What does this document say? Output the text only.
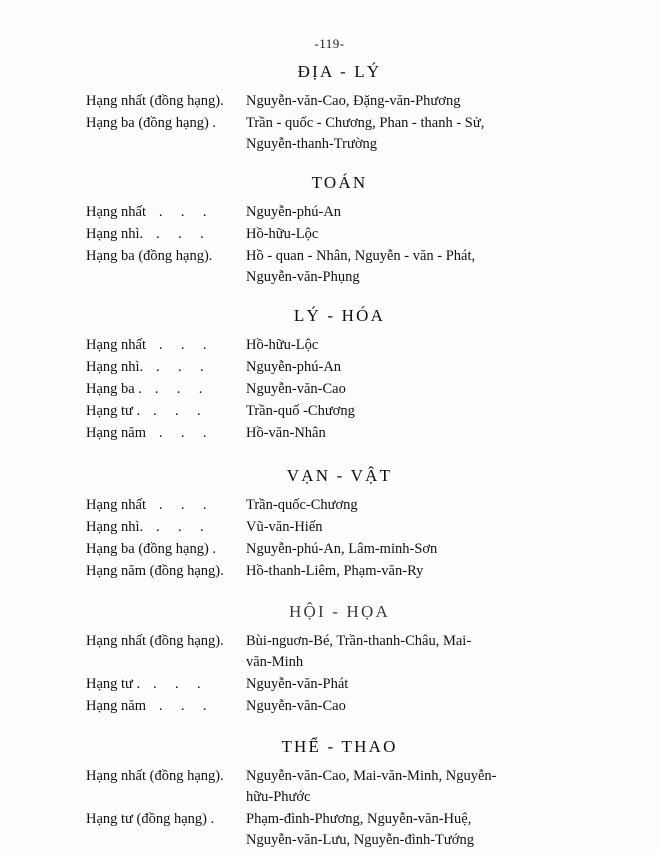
-119-
ĐỊA - LÝ
Hạng nhất (đồng hạng).	Nguyễn-văn-Cao, Đặng-văn-Phương
Hạng ba (đồng hạng) .	Trần - quốc - Chương, Phan - thanh - Sử,
Nguyễn-thanh-Trường
TOÁN
Hạng nhất . . .	Nguyễn-phú-An
Hạng nhì. . . .	Hồ-hữu-Lộc
Hạng ba (đồng hạng).	Hồ - quan - Nhân, Nguyễn - văn - Phát,
Nguyễn-văn-Phụng
LÝ - HÓA
Hạng nhất . . .	Hồ-hữu-Lộc
Hạng nhì. . . .	Nguyễn-phú-An
Hạng ba . . . .	Nguyễn-văn-Cao
Hạng tư . . . .	Trần-quố -Chương
Hạng năm . . .	Hồ-văn-Nhân
VẠN - VẬT
Hạng nhất . . .	Trần-quốc-Chương
Hạng nhì. . . .	Vũ-văn-Hiến
Hạng ba (đồng hạng) .	Nguyễn-phú-An, Lâm-minh-Sơn
Hạng năm (đồng hạng).	Hồ-thanh-Liêm, Phạm-văn-Ry
HỘI - HỌA
Hạng nhất (đồng hạng).	Bùi-nguơn-Bé, Trần-thanh-Châu, Mai-
văn-Minh
Hạng tư . . . .	Nguyễn-văn-Phát
Hạng năm . . .	Nguyễn-văn-Cao
THỂ - THAO
Hạng nhất (đồng hạng).	Nguyễn-văn-Cao, Mai-văn-Minh, Nguyễn-
hữu-Phước
Hạng tư (đồng hạng) .	Phạm-đình-Phương, Nguyễn-văn-Huệ,
Nguyễn-văn-Lưu, Nguyễn-đình-Tướng
